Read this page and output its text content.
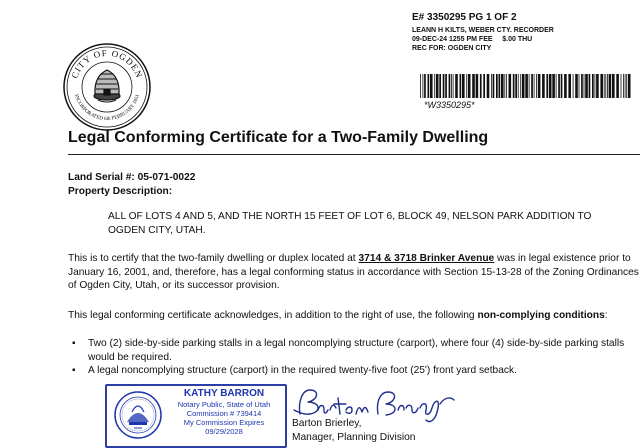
CITY OF OGDEN
INCORPORATED 6th FEBRUARY 1851
E# 3350295 PG 1 OF 2
LEANN H KILTS, WEBER CTY. RECORDER
09-DEC-24 1255 PM FEE     $.00 THU
REC FOR: OGDEN CITY
*W3350295*
Legal Conforming Certificate for a Two-Family Dwelling
Land Serial #: 05-071-0022
Property Description:
ALL OF LOTS 4 AND 5, AND THE NORTH 15 FEET OF LOT 6, BLOCK 49, NELSON PARK ADDITION TO OGDEN CITY, UTAH.
This is to certify that the two-family dwelling or duplex located at 3714 & 3718 Brinker Avenue was in legal existence prior to January 16, 2001, and, therefore, has a legal conforming status in accordance with Section 15-13-28 of the Zoning Ordinances of Ogden City, Utah, or its successor provision.
This legal conforming certificate acknowledges, in addition to the right of use, the following non-complying conditions:
▪ Two (2) side-by-side parking stalls in a legal noncomplying structure (carport), where four (4) side-by-side parking stalls would be required.
▪ A legal noncomplying structure (carport) in the required twenty-five foot (25') front yard setback.
KATHY BARRON
Notary Public, State of Utah
Commission # 739414
My Commission Expires
09/29/2028
Barton Brierley,
Manager, Planning Division
